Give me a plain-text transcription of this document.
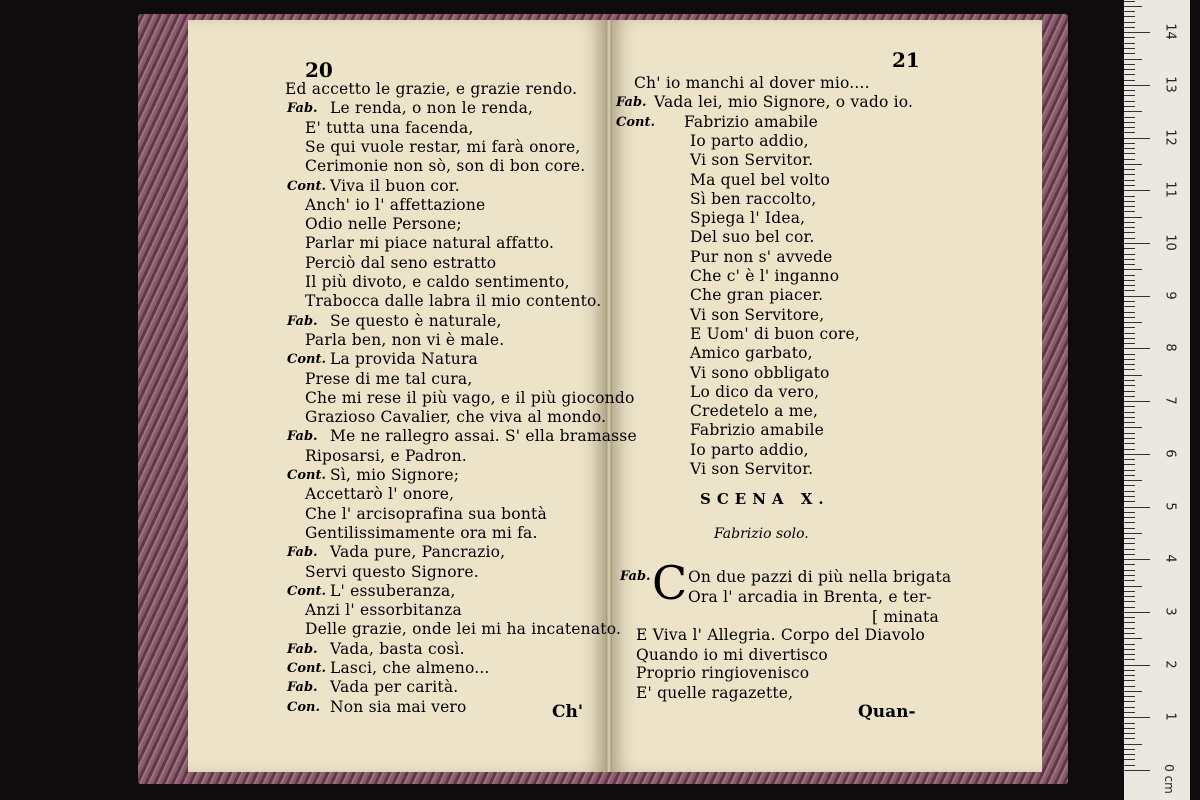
20
Ed accetto le grazie, e grazie rendo.
Fab. Le renda, o non le renda,
E' tutta una facenda,
Se qui vuole restar, mi farà onore,
Cerimonie non sò, son di bon core.
Cont. Viva il buon cor.
Anch' io l' affettazione
Odio nelle Persone;
Parlar mi piace natural affatto.
Perciò dal seno estratto
Il più divoto, e caldo sentimento,
Trabocca dalle labra il mio contento.
Fab. Se questo è naturale,
Parla ben, non vi è male.
Cont. La provida Natura
Prese di me tal cura,
Che mi rese il più vago, e il più giocondo
Grazioso Cavalier, che viva al mondo.
Fab. Me ne rallegro assai. S' ella bramasse
Riposarsi, e Padron.
Cont. Sì, mio Signore;
Accettarò l' onore,
Che l' arcisoprafina sua bontà
Gentilissimamente ora mi fa.
Fab. Vada pure, Pancrazio,
Servi questo Signore.
Cont. L' essuberanza,
Anzi l' essorbitanza
Delle grazie, onde lei mi ha incatenato.
Fab. Vada, basta così.
Cont. Lasci, che almeno...
Fab. Vada per carità.
Con. Non sia mai vero	Ch'
21
Ch' io manchi al dover mio....
Fab. Vada lei, mio Signore, o vado io.
Cont. Fabrizio amabile
Io parto addio,
Vi son Servitor.
Ma quel bel volto
Sì ben raccolto,
Spiega l' Idea,
Del suo bel cor.
Pur non s' avvede
Che c' è l' inganno
Che gran piacer.
Vi son Servitore,
E Uom' di buon core,
Amico garbato,
Vi sono obbligato
Lo dico da vero,
Credetelo a me,
Fabrizio amabile
Io parto addio,
Vi son Servitor.
SCENA X.
Fabrizio solo.
Fab. C On due pazzi di più nella brigata
Ora l' arcadia in Brenta, e ter-
[ minata
E Viva l' Allegria. Corpo del Diavolo
Quando io mi divertisco
Proprio ringiovenisco
E' quelle ragazette,
Quan-	1
2
3
4
5
6
7
8
9
10
11
12
13
14
0 cm
